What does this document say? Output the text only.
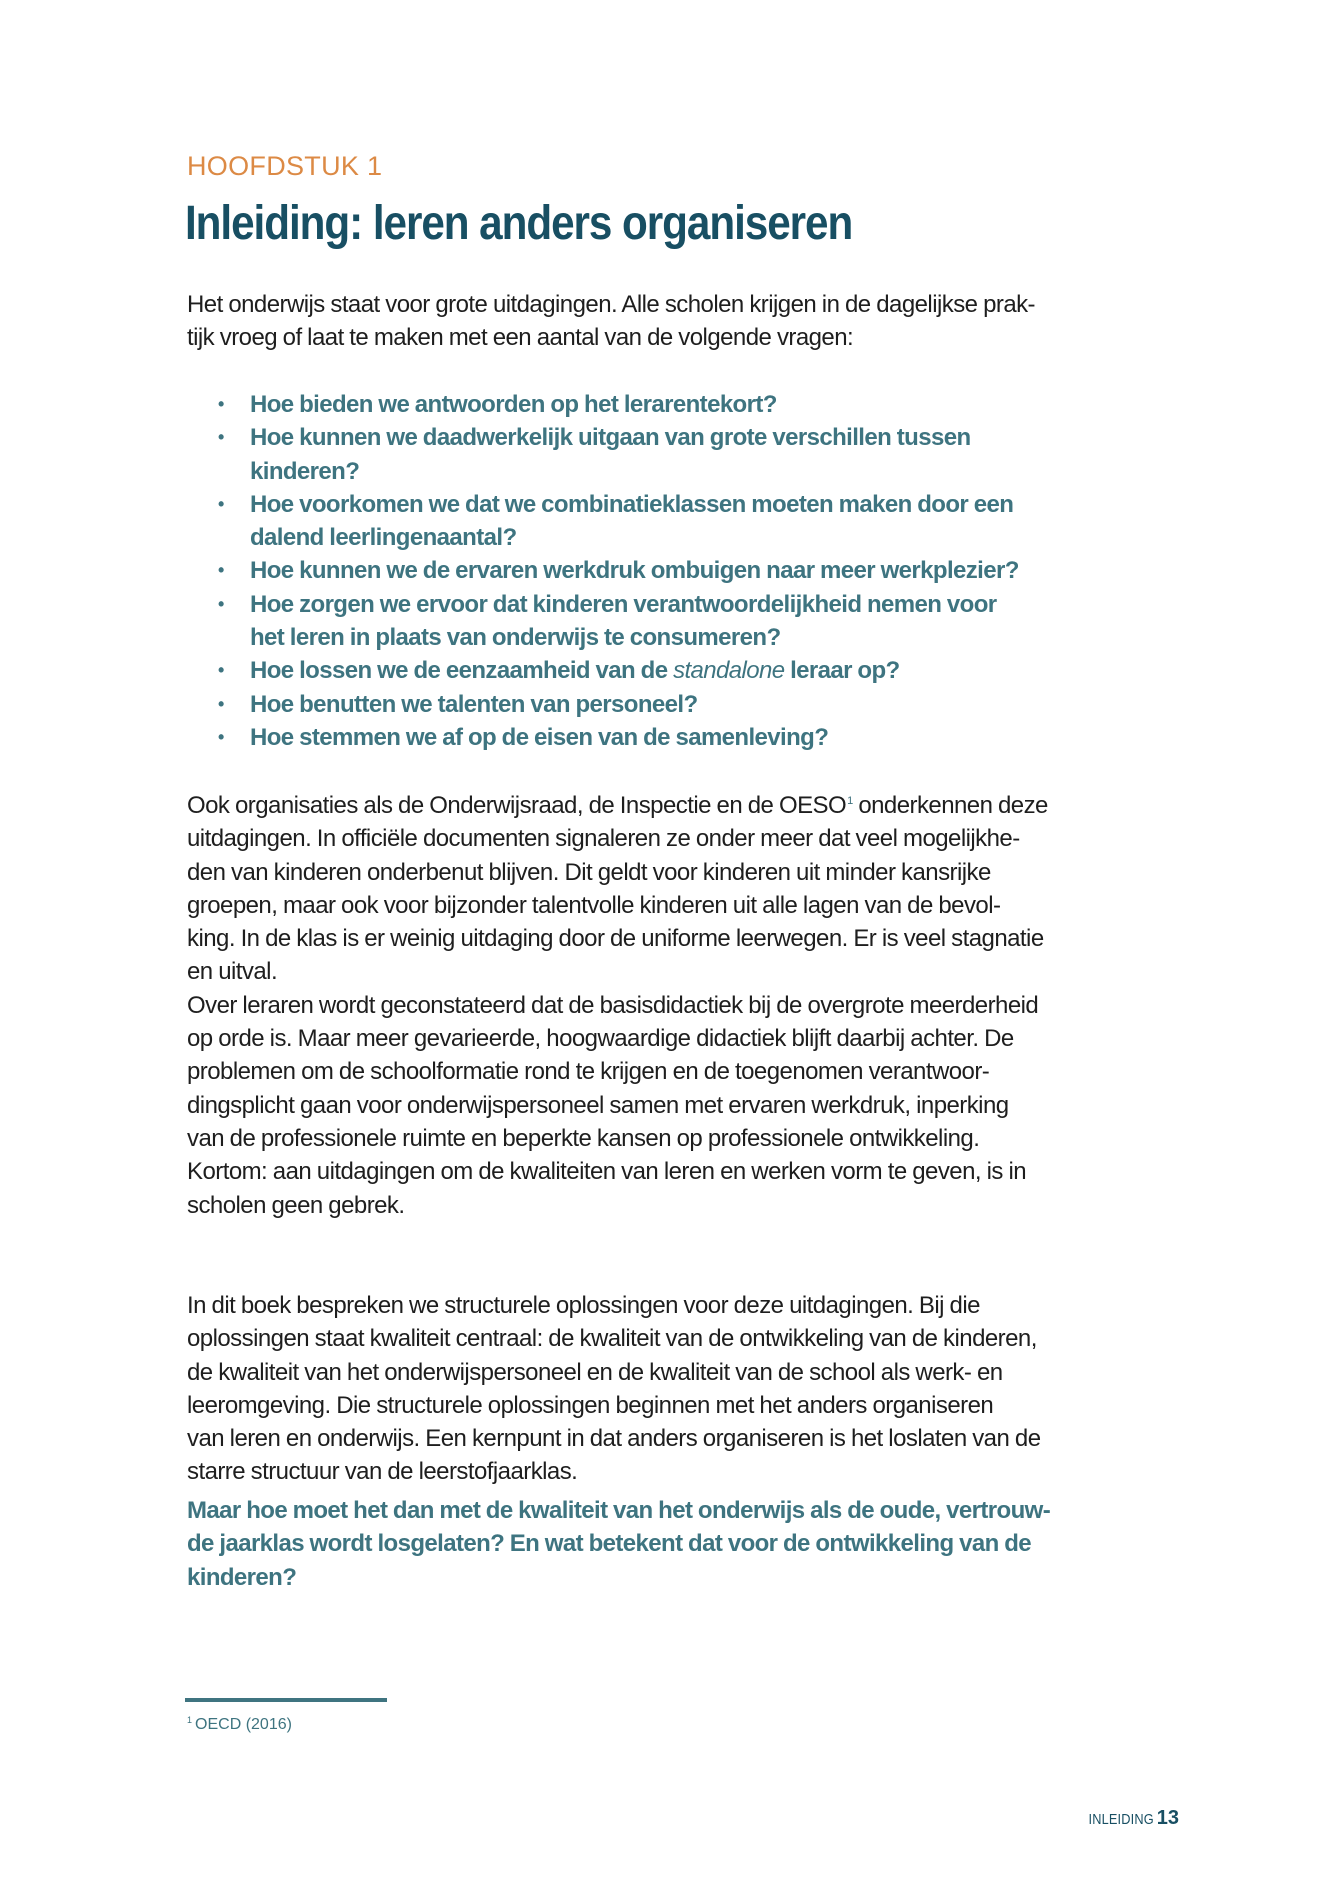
HOOFDSTUK 1
Inleiding: leren anders organiseren
Het onderwijs staat voor grote uitdagingen. Alle scholen krijgen in de dagelijkse prak-
tijk vroeg of laat te maken met een aantal van de volgende vragen:
• Hoe bieden we antwoorden op het lerarentekort?
• Hoe kunnen we daadwerkelijk uitgaan van grote verschillen tussen
kinderen?
• Hoe voorkomen we dat we combinatieklassen moeten maken door een
dalend leerlingenaantal?
• Hoe kunnen we de ervaren werkdruk ombuigen naar meer werkplezier?
• Hoe zorgen we ervoor dat kinderen verantwoordelijkheid nemen voor
het leren in plaats van onderwijs te consumeren?
• Hoe lossen we de eenzaamheid van de standalone leraar op?
• Hoe benutten we talenten van personeel?
• Hoe stemmen we af op de eisen van de samenleving?
Ook organisaties als de Onderwijsraad, de Inspectie en de OESO$^1$ onderkennen deze
uitdagingen. In officiële documenten signaleren ze onder meer dat veel mogelijkhe-
den van kinderen onderbenut blijven. Dit geldt voor kinderen uit minder kansrijke
groepen, maar ook voor bijzonder talentvolle kinderen uit alle lagen van de bevol-
king. In de klas is er weinig uitdaging door de uniforme leerwegen. Er is veel stagnatie
en uitval.
Over leraren wordt geconstateerd dat de basisdidactiek bij de overgrote meerderheid
op orde is. Maar meer gevarieerde, hoogwaardige didactiek blijft daarbij achter. De
problemen om de schoolformatie rond te krijgen en de toegenomen verantwoor-
dingsplicht gaan voor onderwijspersoneel samen met ervaren werkdruk, inperking
van de professionele ruimte en beperkte kansen op professionele ontwikkeling.
Kortom: aan uitdagingen om de kwaliteiten van leren en werken vorm te geven, is in
scholen geen gebrek.
In dit boek bespreken we structurele oplossingen voor deze uitdagingen. Bij die
oplossingen staat kwaliteit centraal: de kwaliteit van de ontwikkeling van de kinderen,
de kwaliteit van het onderwijspersoneel en de kwaliteit van de school als werk- en
leeromgeving. Die structurele oplossingen beginnen met het anders organiseren
van leren en onderwijs. Een kernpunt in dat anders organiseren is het loslaten van de
starre structuur van de leerstofjaarklas.
Maar hoe moet het dan met de kwaliteit van het onderwijs als de oude, vertrouw-
de jaarklas wordt losgelaten? En wat betekent dat voor de ontwikkeling van de
kinderen?
$^1$ OECD (2016)
INLEIDING 13
